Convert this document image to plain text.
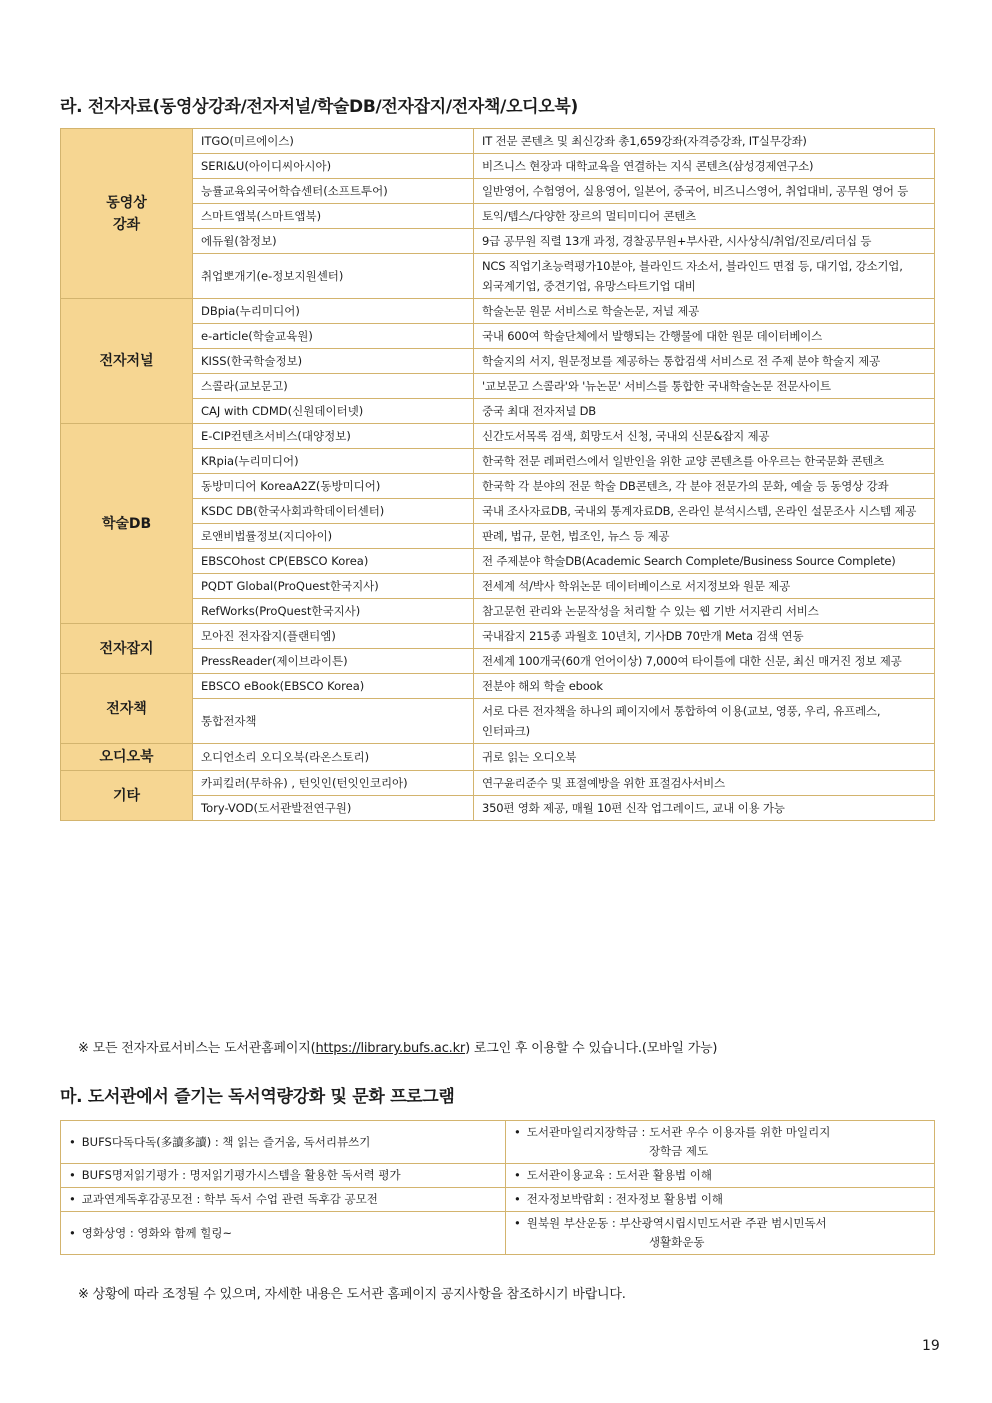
라. 전자자료(동영상강좌/전자저널/학술DB/전자잡지/전자책/오디오북)
동영상
강좌	ITGO(미르에이스)	IT 전문 콘텐츠 및 최신강좌 총1,659강좌(자격증강좌, IT실무강좌)
	SERI&U(아이디씨아시아)	비즈니스 현장과 대학교육을 연결하는 지식 콘텐츠(삼성경제연구소)
	능률교육외국어학습센터(소프트투어)	일반영어, 수험영어, 실용영어, 일본어, 중국어, 비즈니스영어, 취업대비, 공무원 영어 등
	스마트앱북(스마트앱북)	토익/텝스/다양한 장르의 멀티미디어 콘텐츠
	에듀윌(참정보)	9급 공무원 직렬 13개 과정, 경찰공무원+부사관, 시사상식/취업/진로/리더십 등
	취업뽀개기(e-정보지원센터)	NCS 직업기초능력평가10분야, 블라인드 자소서, 블라인드 면접 등, 대기업, 강소기업, 외국계기업, 중견기업, 유망스타트기업 대비
전자저널	DBpia(누리미디어)	학술논문 원문 서비스로 학술논문, 저널 제공
	e-article(학술교육원)	국내 600여 학술단체에서 발행되는 간행물에 대한 원문 데이터베이스
	KISS(한국학술정보)	학술지의 서지, 원문정보를 제공하는 통합검색 서비스로 전 주제 분야 학술지 제공
	스콜라(교보문고)	'교보문고 스콜라'와 '뉴논문' 서비스를 통합한 국내학술논문 전문사이트
	CAJ with CDMD(신원데이터넷)	중국 최대 전자저널 DB
학술DB	E-CIP컨텐츠서비스(대양정보)	신간도서목록 검색, 희망도서 신청, 국내외 신문&잡지 제공
	KRpia(누리미디어)	한국학 전문 레퍼런스에서 일반인을 위한 교양 콘텐츠를 아우르는 한국문화 콘텐츠
	동방미디어 KoreaA2Z(동방미디어)	한국학 각 분야의 전문 학술 DB콘텐츠, 각 분야 전문가의 문화, 예술 등 동영상 강좌
	KSDC DB(한국사회과학데이터센터)	국내 조사자료DB, 국내외 통계자료DB, 온라인 분석시스템, 온라인 설문조사 시스템 제공
	로앤비법률정보(지디아이)	판례, 법규, 문헌, 법조인, 뉴스 등 제공
	EBSCOhost CP(EBSCO Korea)	전 주제분야 학술DB(Academic Search Complete/Business Source Complete)
	PQDT Global(ProQuest한국지사)	전세계 석/박사 학위논문 데이터베이스로 서지정보와 원문 제공
	RefWorks(ProQuest한국지사)	참고문헌 관리와 논문작성을 처리할 수 있는 웹 기반 서지관리 서비스
전자잡지	모아진 전자잡지(플랜티엠)	국내잡지 215종 과월호 10년치, 기사DB 70만개 Meta 검색 연동
	PressReader(제이브라이튼)	전세계 100개국(60개 언어이상) 7,000여 타이틀에 대한 신문, 최신 매거진 정보 제공
전자책	EBSCO eBook(EBSCO Korea)	전분야 해외 학술 ebook
	통합전자책	서로 다른 전자책을 하나의 페이지에서 통합하여 이용(교보, 영풍, 우리, 유프레스, 인터파크)
오디오북	오디언소리 오디오북(라온스토리)	귀로 읽는 오디오북
기타	카피킬러(무하유) , 턴잇인(턴잇인코리아)	연구윤리준수 및 표절예방을 위한 표절검사서비스
	Tory-VOD(도서관발전연구원)	350편 영화 제공, 매월 10편 신작 업그레이드, 교내 이용 가능

※ 모든 전자자료서비스는 도서관홈페이지(https://library.bufs.ac.kr) 로그인 후 이용할 수 있습니다.(모바일 가능)

마. 도서관에서 즐기는 독서역량강화 및 문화 프로그램
• BUFS다독다독(多讀多讀) : 책 읽는 즐거움, 독서리뷰쓰기	• 도서관마일리지장학금 : 도서관 우수 이용자를 위한 마일리지
장학금 제도
• BUFS명저읽기평가 : 명저읽기평가시스템을 활용한 독서력 평가	• 도서관이용교육 : 도서관 활용법 이해
• 교과연계독후감공모전 : 학부 독서 수업 관련 독후감 공모전	• 전자정보박람회 : 전자정보 활용법 이해
• 영화상영 : 영화와 함께 힐링~	• 원북원 부산운동 : 부산광역시립시민도서관 주관 범시민독서
생활화운동

※ 상황에 따라 조정될 수 있으며, 자세한 내용은 도서관 홈페이지 공지사항을 참조하시기 바랍니다.

19
